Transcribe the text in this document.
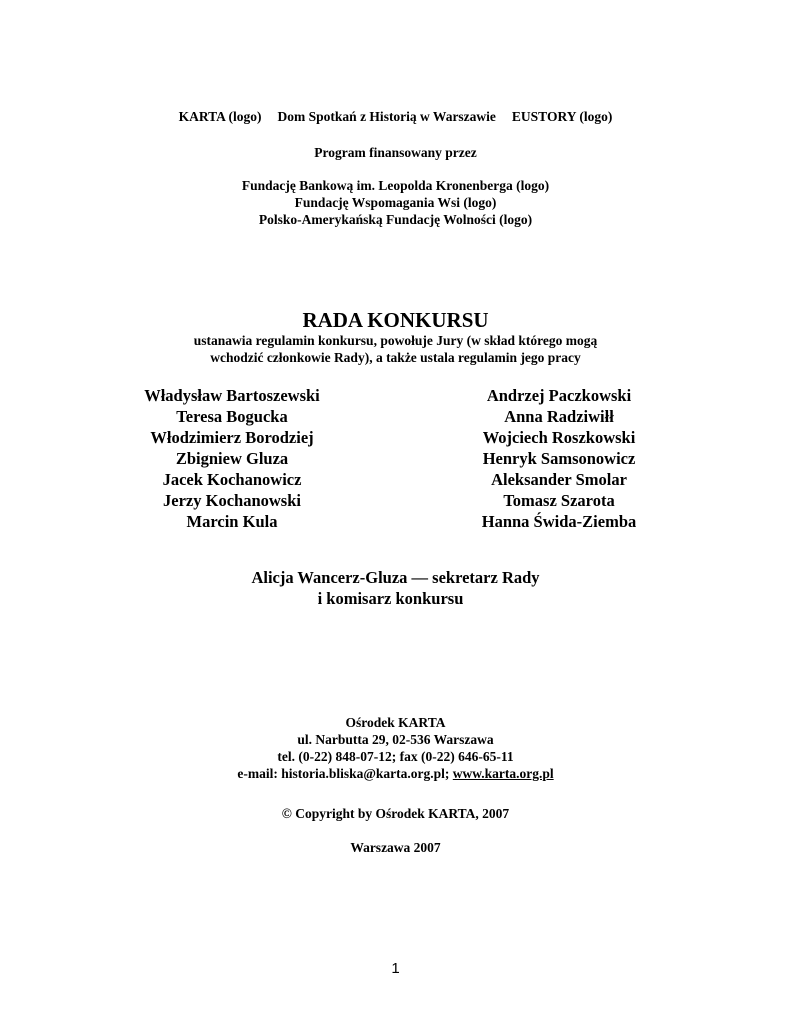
KARTA (logo) Dom Spotkań z Historią w Warszawie EUSTORY (logo)
Program finansowany przez
Fundację Bankową im. Leopolda Kronenberga (logo)
Fundację Wspomagania Wsi (logo)
Polsko-Amerykańską Fundację Wolności (logo)
RADA KONKURSU
ustanawia regulamin konkursu, powołuje Jury (w skład którego mogą
wchodzić członkowie Rady), a także ustala regulamin jego pracy
Władysław Bartoszewski
Teresa Bogucka
Włodzimierz Borodziej
Zbigniew Gluza
Jacek Kochanowicz
Jerzy Kochanowski
Marcin Kula
Andrzej Paczkowski
Anna Radziwiłł
Wojciech Roszkowski
Henryk Samsonowicz
Aleksander Smolar
Tomasz Szarota
Hanna Świda-Ziemba
Alicja Wancerz-Gluza — sekretarz Rady
i komisarz konkursu
Ośrodek KARTA
ul. Narbutta 29, 02-536 Warszawa
tel. (0-22) 848-07-12; fax (0-22) 646-65-11
e-mail: historia.bliska@karta.org.pl; www.karta.org.pl
© Copyright by Ośrodek KARTA, 2007
Warszawa 2007
1
